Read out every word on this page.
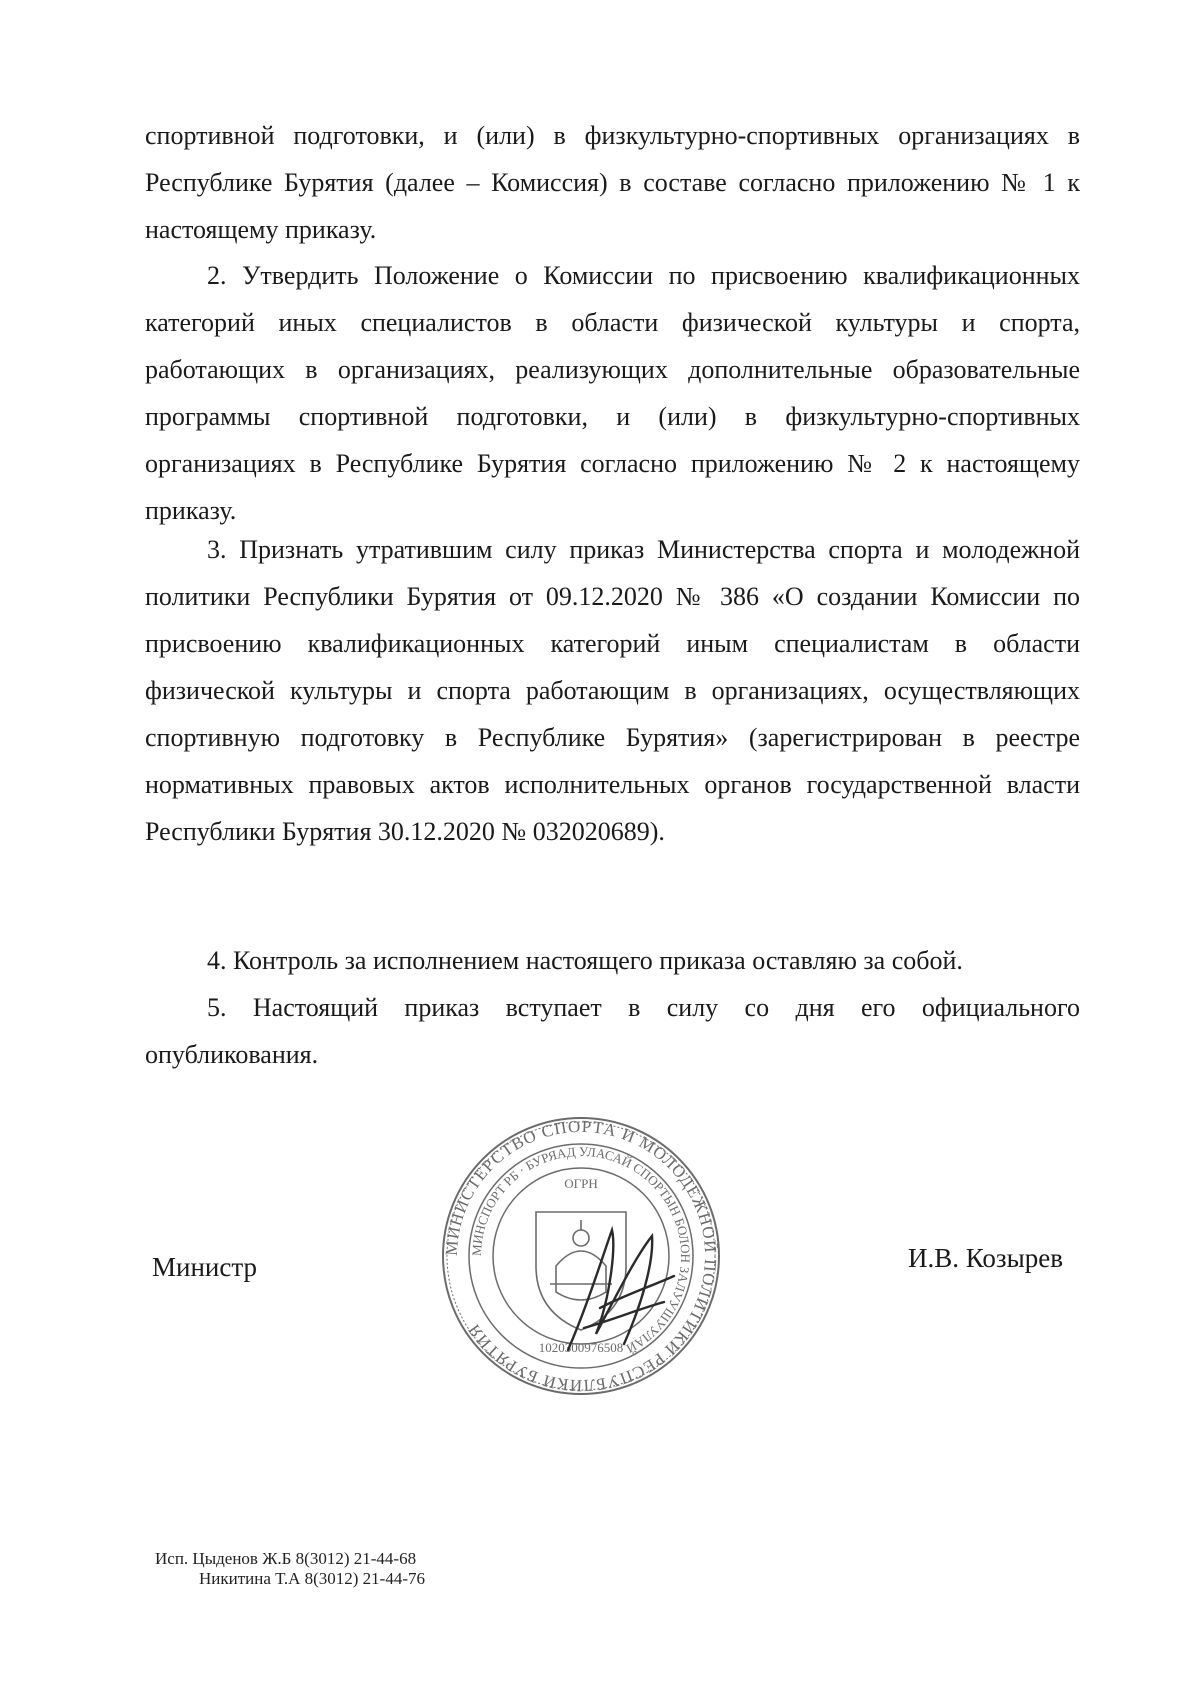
спортивной подготовки, и (или) в физкультурно-спортивных организациях в Республике Бурятия (далее – Комиссия) в составе согласно приложению № 1 к настоящему приказу.

2. Утвердить Положение о Комиссии по присвоению квалификационных категорий иных специалистов в области физической культуры и спорта, работающих в организациях, реализующих дополнительные образовательные программы спортивной подготовки, и (или) в физкультурно-спортивных организациях в Республике Бурятия согласно приложению № 2 к настоящему приказу.

3. Признать утратившим силу приказ Министерства спорта и молодежной политики Республики Бурятия от 09.12.2020 № 386 «О создании Комиссии по присвоению квалификационных категорий иным специалистам в области физической культуры и спорта работающим в организациях, осуществляющих спортивную подготовку в Республике Бурятия» (зарегистрирован в реестре нормативных правовых актов исполнительных органов государственной власти Республики Бурятия 30.12.2020 № 032020689).

4. Контроль за исполнением настоящего приказа оставляю за собой.

5. Настоящий приказ вступает в силу со дня его официального опубликования.

Министр
МИНИСТЕРСТВО СПОРТА И МОЛОДЕЖНОЙ ПОЛИТИКИ РЕСПУБЛИКИ БУРЯТИЯ
МИНСПОРТ РБ · БУРЯАД УЛАСАЙ СПОРТЫН БОЛОН ЗАЛУУШУУЛАЙ
ОГРН
1020300976508
И.В. Козырев
Исп. Цыденов Ж.Б 8(3012) 21-44-68
Никитина Т.А 8(3012) 21-44-76
